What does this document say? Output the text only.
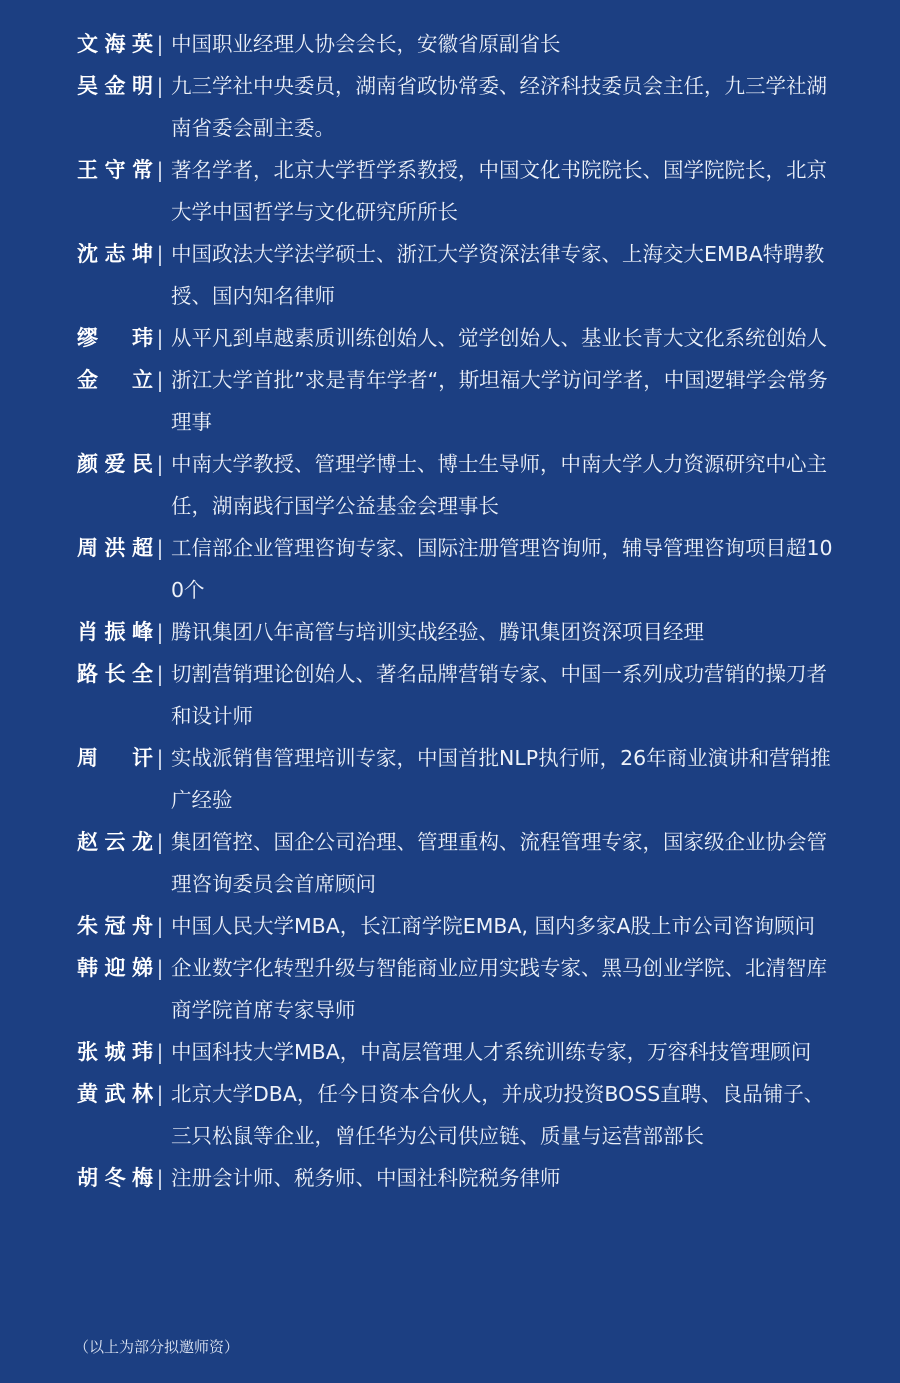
文海英 | 中国职业经理人协会会长，安徽省原副省长
吴金明 | 九三学社中央委员，湖南省政协常委、经济科技委员会主任，九三学社湖南省委会副主委。
王守常 | 著名学者，北京大学哲学系教授，中国文化书院院长、国学院院长，北京大学中国哲学与文化研究所所长
沈志坤 | 中国政法大学法学硕士、浙江大学资深法律专家、上海交大EMBA特聘教授、国内知名律师
缪玮 | 从平凡到卓越素质训练创始人、觉学创始人、基业长青大文化系统创始人
金立 | 浙江大学首批”求是青年学者“，斯坦福大学访问学者，中国逻辑学会常务理事
颜爱民 | 中南大学教授、管理学博士、博士生导师，中南大学人力资源研究中心主任，湖南践行国学公益基金会理事长
周洪超 | 工信部企业管理咨询专家、国际注册管理咨询师，辅导管理咨询项目超100个
肖振峰 | 腾讯集团八年高管与培训实战经验、腾讯集团资深项目经理
路长全 | 切割营销理论创始人、著名品牌营销专家、中国一系列成功营销的操刀者和设计师
周讦 | 实战派销售管理培训专家，中国首批NLP执行师，26年商业演讲和营销推广经验
赵云龙 | 集团管控、国企公司治理、管理重构、流程管理专家，国家级企业协会管理咨询委员会首席顾问
朱冠舟 | 中国人民大学MBA，长江商学院EMBA, 国内多家A股上市公司咨询顾问
韩迎娣 | 企业数字化转型升级与智能商业应用实践专家、黑马创业学院、北清智库商学院首席专家导师
张城玮 | 中国科技大学MBA，中高层管理人才系统训练专家，万容科技管理顾问
黄武林 | 北京大学DBA，任今日资本合伙人，并成功投资BOSS直聘、良品铺子、三只松鼠等企业，曾任华为公司供应链、质量与运营部部长
胡冬梅 | 注册会计师、税务师、中国社科院税务律师
（以上为部分拟邀师资）
